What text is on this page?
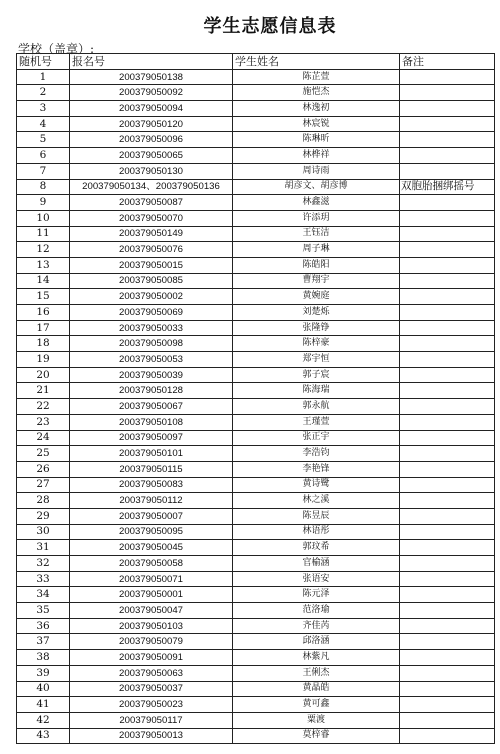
学生志愿信息表
学校（盖章）:
随机号	报名号	学生姓名	备注
1	200379050138	陈芷萱	
2	200379050092	施恺杰	
3	200379050094	林逸初	
4	200379050120	林宸锐	
5	200379050096	陈琳昕	
6	200379050065	林桦祥	
7	200379050130	周诗雨	
8	200379050134、200379050136	胡彦文、胡彦博	双胞胎捆绑摇号
9	200379050087	林鑫滋	
10	200379050070	许添玥	
11	200379050149	王钰洁	
12	200379050076	周子琳	
13	200379050015	陈皓阳	
14	200379050085	曹翔宇	
15	200379050002	黄婉庭	
16	200379050069	刘楚烁	
17	200379050033	张隆铮	
18	200379050098	陈梓豪	
19	200379050053	郑宇恒	
20	200379050039	郭子宸	
21	200379050128	陈海瑞	
22	200379050067	郭永航	
23	200379050108	王瑾萱	
24	200379050097	张正宇	
25	200379050101	李浩钧	
26	200379050115	李艳锋	
27	200379050083	黄诗鹭	
28	200379050112	林之溪	
29	200379050007	陈昱辰	
30	200379050095	林语彤	
31	200379050045	郭玟希	
32	200379050058	官榆涵	
33	200379050071	张语安	
34	200379050001	陈元泽	
35	200379050047	范洛瑜	
36	200379050103	齐佳芮	
37	200379050079	邱洛涵	
38	200379050091	林紫凡	
39	200379050063	王俐杰	
40	200379050037	黄晶皓	
41	200379050023	黄可鑫	
42	200379050117	粟渡	
43	200379050013	莫梓睿	
